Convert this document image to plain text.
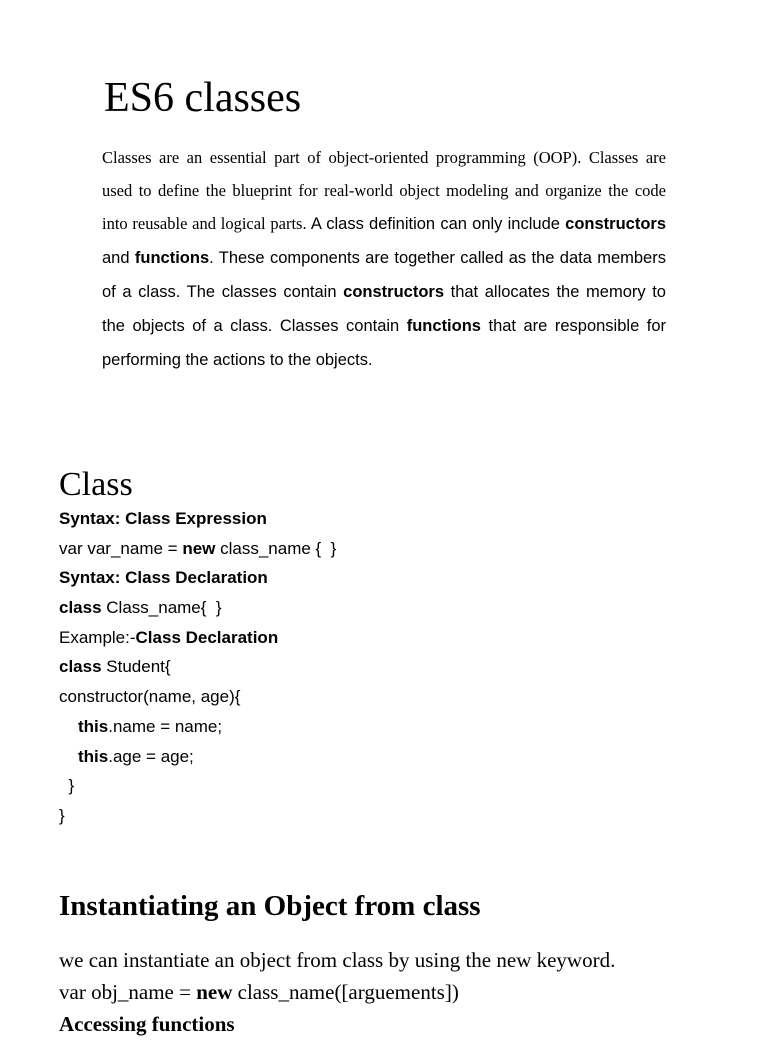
ES6 classes

Classes are an essential part of object-oriented programming (OOP). Classes are used to define the blueprint for real-world object modeling and organize the code into reusable and logical parts. A class definition can only include constructors and functions. These components are together called as the data members of a class. The classes contain constructors that allocates the memory to the objects of a class. Classes contain functions that are responsible for performing the actions to the objects.

Class
Syntax: Class Expression
var var_name = new class_name {  }
Syntax: Class Declaration
class Class_name{  }
Example:-Class Declaration
class Student{
constructor(name, age){
this.name = name;
this.age = age;
}
}
Instantiating an Object from class
we can instantiate an object from class by using the new keyword.
var obj_name = new class_name([arguements])
Accessing functions
